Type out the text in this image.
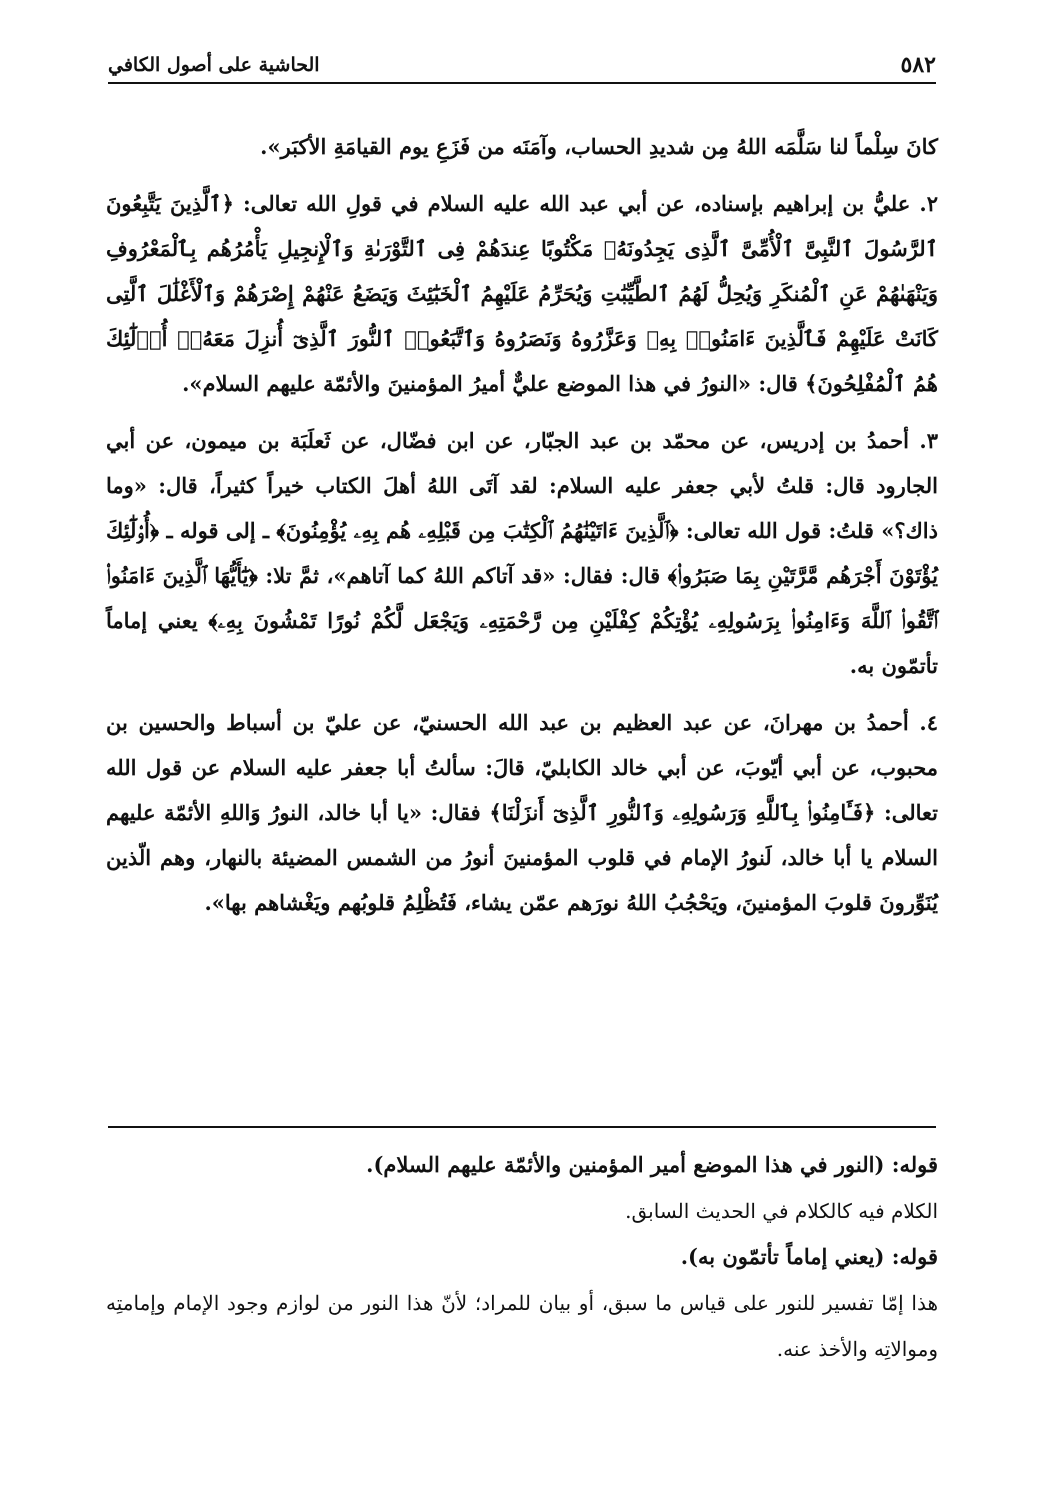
٥٨٢
الحاشية على أصول الكافي

كانَ سِلْماً لنا سَلَّمَه اللهُ مِن شديدِ الحساب، وآمَنَه من فَزَعِ يوم القيامَةِ الأكبَر».

٢. عليُّ بن إبراهيم بإسناده، عن أبي عبد الله عليه السلام في قولِ الله تعالى: ﴿ٱلَّذِينَ يَتَّبِعُونَ ٱلرَّسُولَ ٱلنَّبِىَّ ٱلْأُمِّىَّ ٱلَّذِى يَجِدُونَهُۥ مَكْتُوبًا عِندَهُمْ فِى ٱلتَّوْرَىٰةِ وَٱلْإِنجِيلِ يَأْمُرُهُم بِٱلْمَعْرُوفِ وَيَنْهَىٰهُمْ عَنِ ٱلْمُنكَرِ وَيُحِلُّ لَهُمُ ٱلطَّيِّبَٰتِ وَيُحَرِّمُ عَلَيْهِمُ ٱلْخَبَٰٓئِثَ وَيَضَعُ عَنْهُمْ إِصْرَهُمْ وَٱلْأَغْلَٰلَ ٱلَّتِى كَانَتْ عَلَيْهِمْ فَٱلَّذِينَ ءَامَنُوا۟ بِهِۦ وَعَزَّرُوهُ وَنَصَرُوهُ وَٱتَّبَعُوا۟ ٱلنُّورَ ٱلَّذِىٓ أُنزِلَ مَعَهُۥٓ أُو۟لَٰٓئِكَ هُمُ ٱلْمُفْلِحُونَ﴾ قال: «النورُ في هذا الموضع عليٌّ أميرُ المؤمنينَ والأئمّة عليهم السلام».

٣. أحمدُ بن إدريس، عن محمّد بن عبد الجبّار، عن ابن فضّال، عن ثَعلَبَة بن ميمون، عن أبي الجارود قال: قلتُ لأبي جعفر عليه السلام: لقد آتَى اللهُ أهلَ الكتاب خيراً كثيراً، قال: «وما ذاك؟» قلتُ: قول الله تعالى: ﴿ٱلَّذِينَ ءَاتَيْنَٰهُمُ ٱلْكِتَٰبَ مِن قَبْلِهِۦ هُم بِهِۦ يُؤْمِنُونَ﴾ ـ إلى قوله ـ ﴿أُو۟لَٰٓئِكَ يُؤْتَوْنَ أَجْرَهُم مَّرَّتَيْنِ بِمَا صَبَرُوا۟﴾ قال: فقال: «قد آتاكم اللهُ كما آتاهم»، ثمَّ تلا: ﴿يَٰٓأَيُّهَا ٱلَّذِينَ ءَامَنُوا۟ ٱتَّقُوا۟ ٱللَّهَ وَءَامِنُوا۟ بِرَسُولِهِۦ يُؤْتِكُمْ كِفْلَيْنِ مِن رَّحْمَتِهِۦ وَيَجْعَل لَّكُمْ نُورًا تَمْشُونَ بِهِۦ﴾ يعني إماماً تأتمّون به.

٤. أحمدُ بن مهرانَ، عن عبد العظيم بن عبد الله الحسنيّ، عن عليّ بن أسباط والحسين بن محبوب، عن أبي أيّوبَ، عن أبي خالد الكابليّ، قالَ: سألتُ أبا جعفر عليه السلام عن قول الله تعالى: ﴿فَـَٔامِنُوا۟ بِٱللَّهِ وَرَسُولِهِۦ وَٱلنُّورِ ٱلَّذِىٓ أَنزَلْنَا﴾ فقال: «يا أبا خالد، النورُ وَاللهِ الأئمّة عليهم السلام يا أبا خالد، لَنورُ الإمام في قلوب المؤمنينَ أنورُ من الشمس المضيئة بالنهار، وهم الّذين يُنَوِّرونَ قلوبَ المؤمنينَ، ويَحْجُبُ اللهُ نورَهم عمّن يشاء، فَتُظْلِمُ قلوبُهم ويَغْشاهم بها».

قوله: (النور في هذا الموضع أمير المؤمنين والأئمّة عليهم السلام).

الكلام فيه كالكلام في الحديث السابق.

قوله: (يعني إماماً تأتمّون به).

هذا إمّا تفسير للنور على قياس ما سبق، أو بيان للمراد؛ لأنّ هذا النور من لوازم وجود الإمام وإمامتِه وموالاتِه والأخذ عنه.
